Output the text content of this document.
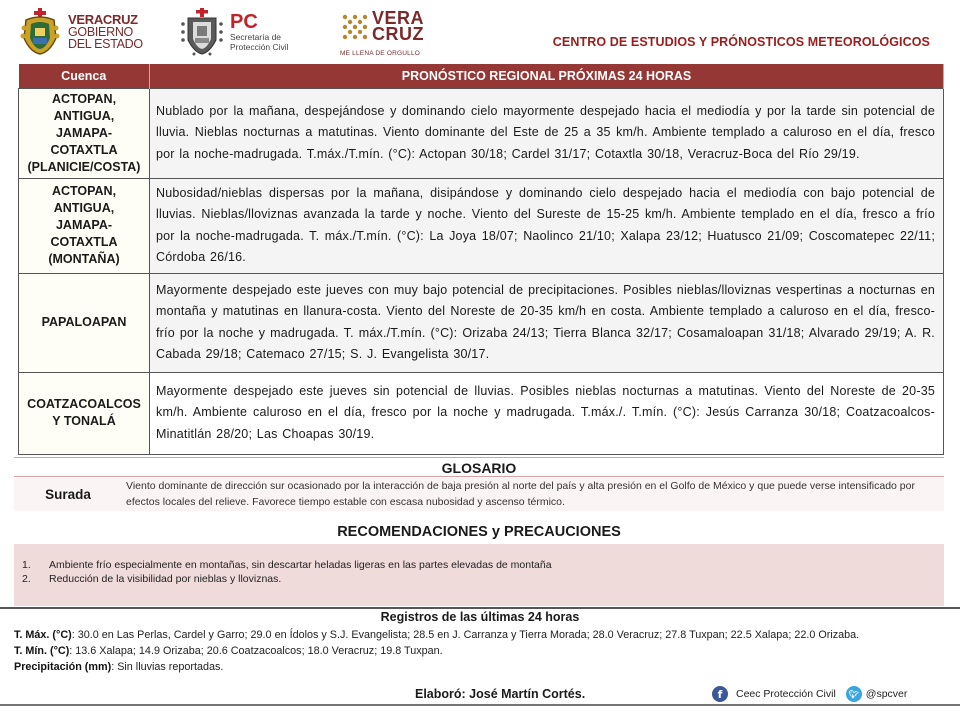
VERACRUZ
GOBIERNO
DEL ESTADO
PC
Secretaría de
Protección Civil
VERA
CRUZ
ME LLENA DE ORGULLO
CENTRO DE ESTUDIOS Y PRÓNOSTICOS METEOROLÓGICOS
Cuenca	PRONÓSTICO REGIONAL PRÓXIMAS 24 HORAS

ACTOPAN,
ANTIGUA,
JAMAPA-
COTAXTLA
(PLANICIE/COSTA)
	Nublado por la mañana, despejándose y dominando cielo mayormente despejado hacia el mediodía y por la tarde sin potencial de lluvia. Nieblas nocturnas a matutinas. Viento dominante del Este de 25 a 35 km/h. Ambiente templado a caluroso en el día, fresco por la noche-madrugada. T.máx./T.mín. (°C): Actopan 30/18; Cardel 31/17; Cotaxtla 30/18, Veracruz-Boca del Río 29/19.

ACTOPAN,
ANTIGUA,
JAMAPA-
COTAXTLA
(MONTAÑA)
	Nubosidad/nieblas dispersas por la mañana, disipándose y dominando cielo despejado hacia el mediodía con bajo potencial de lluvias. Nieblas/lloviznas avanzada la tarde y noche. Viento del Sureste de 15-25 km/h. Ambiente templado en el día, fresco a frío por la noche-madrugada. T. máx./T.mín. (°C): La Joya 18/07; Naolinco 21/10; Xalapa 23/12; Huatusco 21/09; Coscomatepec 22/11; Córdoba 26/16.

PAPALOAPAN	Mayormente despejado este jueves con muy bajo potencial de precipitaciones. Posibles nieblas/lloviznas vespertinas a nocturnas en montaña y matutinas en llanura-costa. Viento del Noreste de 20-35 km/h en costa. Ambiente templado a caluroso en el día, fresco-frío por la noche y madrugada. T. máx./T.mín. (°C): Orizaba 24/13; Tierra Blanca 32/17; Cosamaloapan 31/18; Alvarado 29/19; A. R. Cabada 29/18; Catemaco 27/15; S. J. Evangelista 30/17.

COATZACOALCOS
Y TONALÁ	Mayormente despejado este jueves sin potencial de lluvias. Posibles nieblas nocturnas a matutinas. Viento del Noreste de 20-35 km/h. Ambiente caluroso en el día, fresco por la noche y madrugada. T.máx./. T.mín. (°C): Jesús Carranza 30/18; Coatzacoalcos-Minatitlán 28/20; Las Choapas 30/19.
GLOSARIO
Surada
Viento dominante de dirección sur ocasionado por la interacción de baja presión al norte del país y alta presión en el Golfo de México y que puede verse intensificado por efectos locales del relieve. Favorece tiempo estable con escasa nubosidad y ascenso térmico.
RECOMENDACIONES y PRECAUCIONES
1.	Ambiente frío especialmente en montañas, sin descartar heladas ligeras en las partes elevadas de montaña
2.	Reducción de la visibilidad por nieblas y lloviznas.
Registros de las últimas 24 horas
T. Máx. (°C): 30.0 en Las Perlas, Cardel y Garro; 29.0 en Ídolos y S.J. Evangelista; 28.5 en J. Carranza y Tierra Morada; 28.0 Veracruz; 27.8 Tuxpan; 22.5 Xalapa; 22.0 Orizaba.
T. Mín. (°C): 13.6 Xalapa; 14.9 Orizaba; 20.6 Coatzacoalcos; 18.0 Veracruz; 19.8 Tuxpan.
Precipitación (mm): Sin lluvias reportadas.
Elaboró: José Martín Cortés.	f	Ceec Protección Civil	🐦︎ @spcver
